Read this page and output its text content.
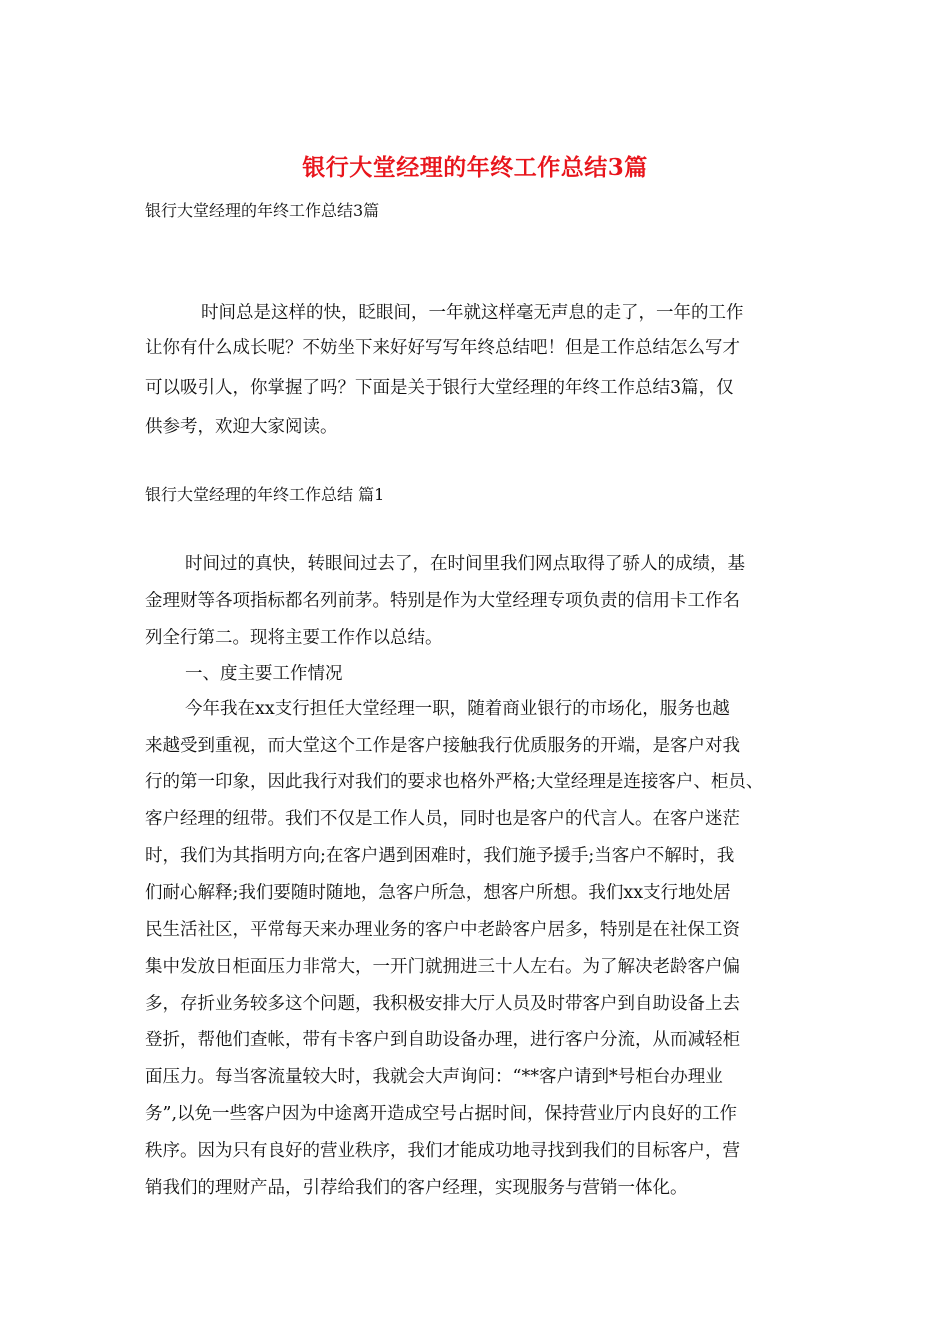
银行大堂经理的年终工作总结3篇
银行大堂经理的年终工作总结3篇
时间总是这样的快，眨眼间，一年就这样毫无声息的走了，一年的工作
让你有什么成长呢？不妨坐下来好好写写年终总结吧！但是工作总结怎么写才
可以吸引人，你掌握了吗？下面是关于银行大堂经理的年终工作总结3篇，仅
供参考，欢迎大家阅读。
银行大堂经理的年终工作总结 篇1
时间过的真快，转眼间过去了，在时间里我们网点取得了骄人的成绩，基
金理财等各项指标都名列前茅。特别是作为大堂经理专项负责的信用卡工作名
列全行第二。现将主要工作作以总结。
一、度主要工作情况
今年我在xx支行担任大堂经理一职，随着商业银行的市场化，服务也越
来越受到重视，而大堂这个工作是客户接触我行优质服务的开端，是客户对我
行的第一印象，因此我行对我们的要求也格外严格;大堂经理是连接客户、柜员、
客户经理的纽带。我们不仅是工作人员，同时也是客户的代言人。在客户迷茫
时，我们为其指明方向;在客户遇到困难时，我们施予援手;当客户不解时，我
们耐心解释;我们要随时随地，急客户所急，想客户所想。我们xx支行地处居
民生活社区，平常每天来办理业务的客户中老龄客户居多，特别是在社保工资
集中发放日柜面压力非常大，一开门就拥进三十人左右。为了解决老龄客户偏
多，存折业务较多这个问题，我积极安排大厅人员及时带客户到自助设备上去
登折，帮他们查帐，带有卡客户到自助设备办理，进行客户分流，从而减轻柜
面压力。每当客流量较大时，我就会大声询问：“**客户请到*号柜台办理业
务”,以免一些客户因为中途离开造成空号占据时间，保持营业厅内良好的工作
秩序。因为只有良好的营业秩序，我们才能成功地寻找到我们的目标客户，营
销我们的理财产品，引荐给我们的客户经理，实现服务与营销一体化。
